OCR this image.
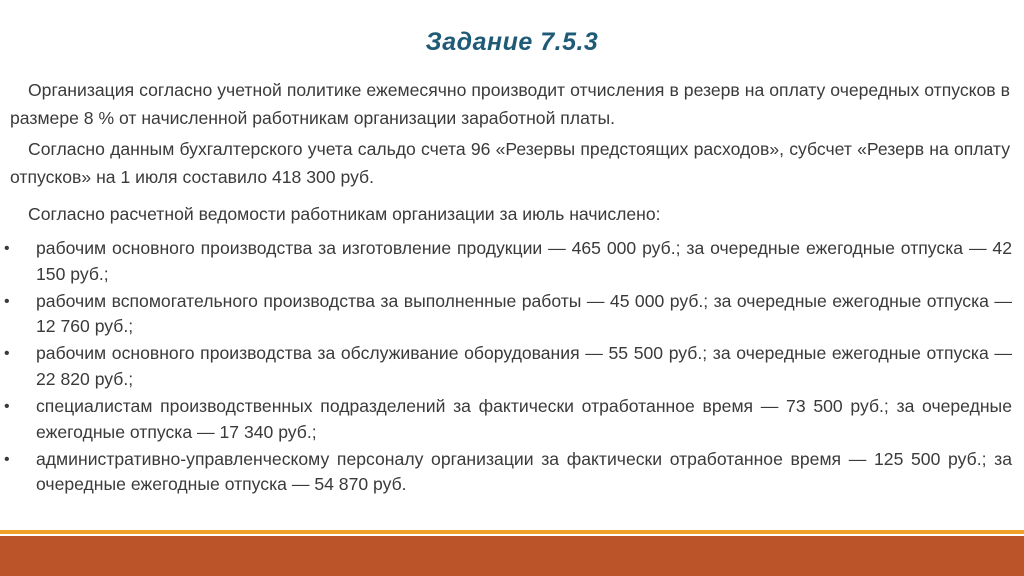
Задание 7.5.3
Организация согласно учетной политике ежемесячно производит отчисления в резерв на оплату очередных отпусков в размере 8 % от начисленной работникам организации заработной платы.
Согласно данным бухгалтерского учета сальдо счета 96 «Резервы предстоящих расходов», субсчет «Резерв на оплату отпусков» на 1 июля составило 418 300 руб.
Согласно расчетной ведомости работникам организации за июль начислено:
• рабочим основного производства за изготовление продукции — 465 000 руб.; за очередные ежегодные отпуска — 42 150 руб.;
• рабочим вспомогательного производства за выполненные работы — 45 000 руб.; за очередные ежегодные отпуска — 12 760 руб.;
• рабочим основного производства за обслуживание оборудования — 55 500 руб.; за очередные ежегодные отпуска — 22 820 руб.;
• специалистам производственных подразделений за фактически отработанное время — 73 500 руб.; за очередные ежегодные отпуска — 17 340 руб.;
• административно-управленческому персоналу организации за фактически отработанное время — 125 500 руб.; за очередные ежегодные отпуска — 54 870 руб.
